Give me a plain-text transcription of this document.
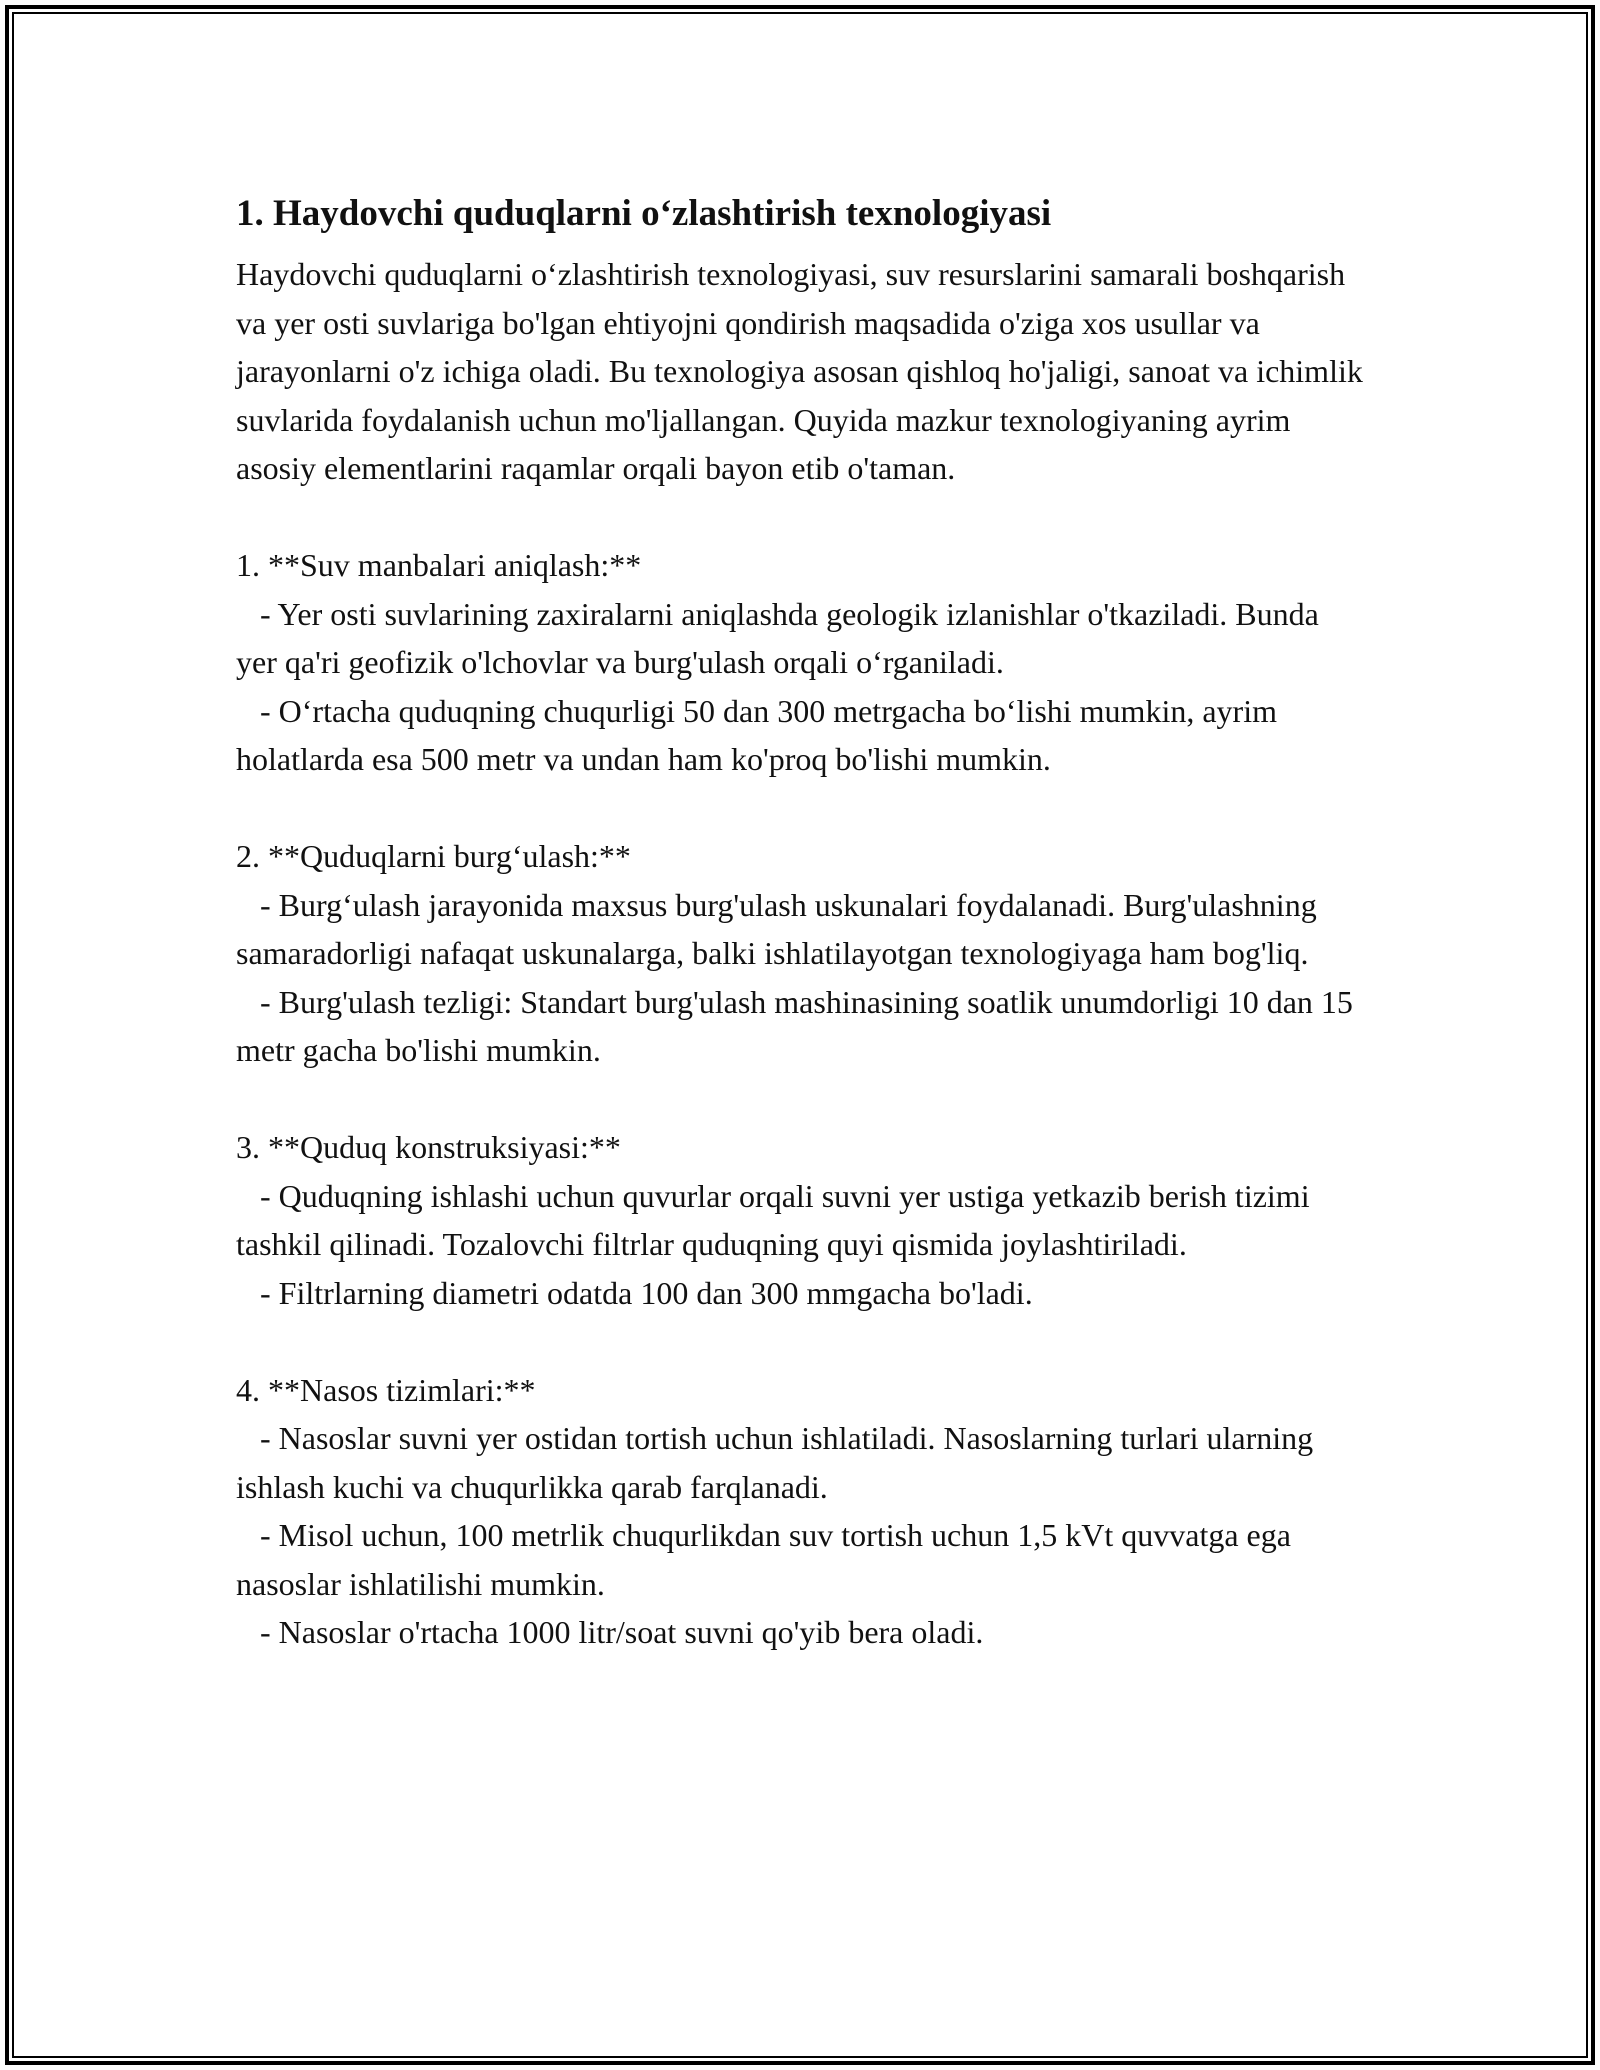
1. Haydovchi quduqlarni o‘zlashtirish texnologiyasi

Haydovchi quduqlarni o‘zlashtirish texnologiyasi, suv resurslarini samarali boshqarish va yer osti suvlariga bo'lgan ehtiyojni qondirish maqsadida o'ziga xos usullar va jarayonlarni o'z ichiga oladi. Bu texnologiya asosan qishloq ho'jaligi, sanoat va ichimlik suvlarida foydalanish uchun mo'ljallangan. Quyida mazkur texnologiyaning ayrim asosiy elementlarini raqamlar orqali bayon etib o'taman.

1. **Suv manbalari aniqlash:**
- Yer osti suvlarining zaxiralarni aniqlashda geologik izlanishlar o'tkaziladi. Bunda yer qa'ri geofizik o'lchovlar va burg'ulash orqali o‘rganiladi.
- O‘rtacha quduqning chuqurligi 50 dan 300 metrgacha bo‘lishi mumkin, ayrim holatlarda esa 500 metr va undan ham ko'proq bo'lishi mumkin.

2. **Quduqlarni burg‘ulash:**
- Burg‘ulash jarayonida maxsus burg'ulash uskunalari foydalanadi. Burg'ulashning samaradorligi nafaqat uskunalarga, balki ishlatilayotgan texnologiyaga ham bog'liq.
- Burg'ulash tezligi: Standart burg'ulash mashinasining soatlik unumdorligi 10 dan 15 metr gacha bo'lishi mumkin.

3. **Quduq konstruksiyasi:**
- Quduqning ishlashi uchun quvurlar orqali suvni yer ustiga yetkazib berish tizimi tashkil qilinadi. Tozalovchi filtrlar quduqning quyi qismida joylashtiriladi.
- Filtrlarning diametri odatda 100 dan 300 mmgacha bo'ladi.

4. **Nasos tizimlari:**
- Nasoslar suvni yer ostidan tortish uchun ishlatiladi. Nasoslarning turlari ularning ishlash kuchi va chuqurlikka qarab farqlanadi.
- Misol uchun, 100 metrlik chuqurlikdan suv tortish uchun 1,5 kVt quvvatga ega nasoslar ishlatilishi mumkin.
- Nasoslar o'rtacha 1000 litr/soat suvni qo'yib bera oladi.
